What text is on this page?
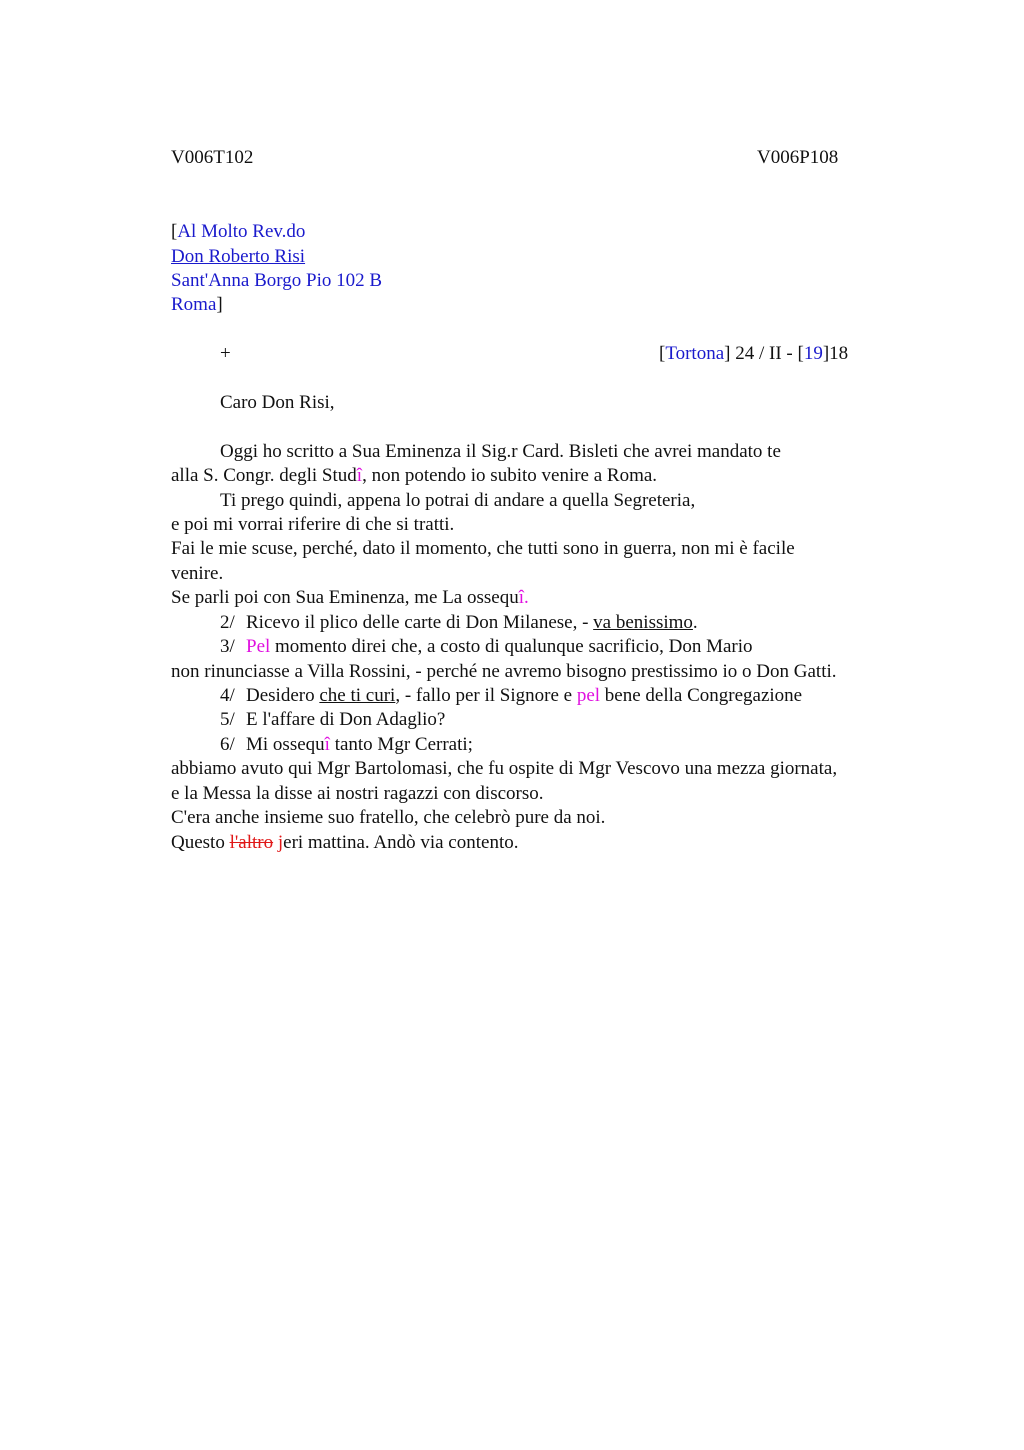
V006T102	V006P108
[Al Molto Rev.do
Don Roberto Risi
Sant'Anna Borgo Pio 102 B
Roma]
+	[Tortona] 24 / II - [19]18
Caro Don Risi,
Oggi ho scritto a Sua Eminenza il Sig.r Card. Bisleti che avrei mandato te
alla S. Congr. degli Studî, non potendo io subito venire a Roma.
Ti prego quindi, appena lo potrai di andare a quella Segreteria,
e poi mi vorrai riferire di che si tratti.
Fai le mie scuse, perché, dato il momento, che tutti sono in guerra, non mi è facile
venire.
Se parli poi con Sua Eminenza, me La ossequî.
2/ Ricevo il plico delle carte di Don Milanese, - va benissimo.
3/ Pel momento direi che, a costo di qualunque sacrificio, Don Mario
non rinunciasse a Villa Rossini, - perché ne avremo bisogno prestissimo io o Don Gatti.
4/ Desidero che ti curi, - fallo per il Signore e pel bene della Congregazione
5/ E l'affare di Don Adaglio?
6/ Mi ossequî tanto Mgr Cerrati;
abbiamo avuto qui Mgr Bartolomasi, che fu ospite di Mgr Vescovo una mezza giornata,
e la Messa la disse ai nostri ragazzi con discorso.
C'era anche insieme suo fratello, che celebrò pure da noi.
Questo l'altro jeri mattina. Andò via contento.
